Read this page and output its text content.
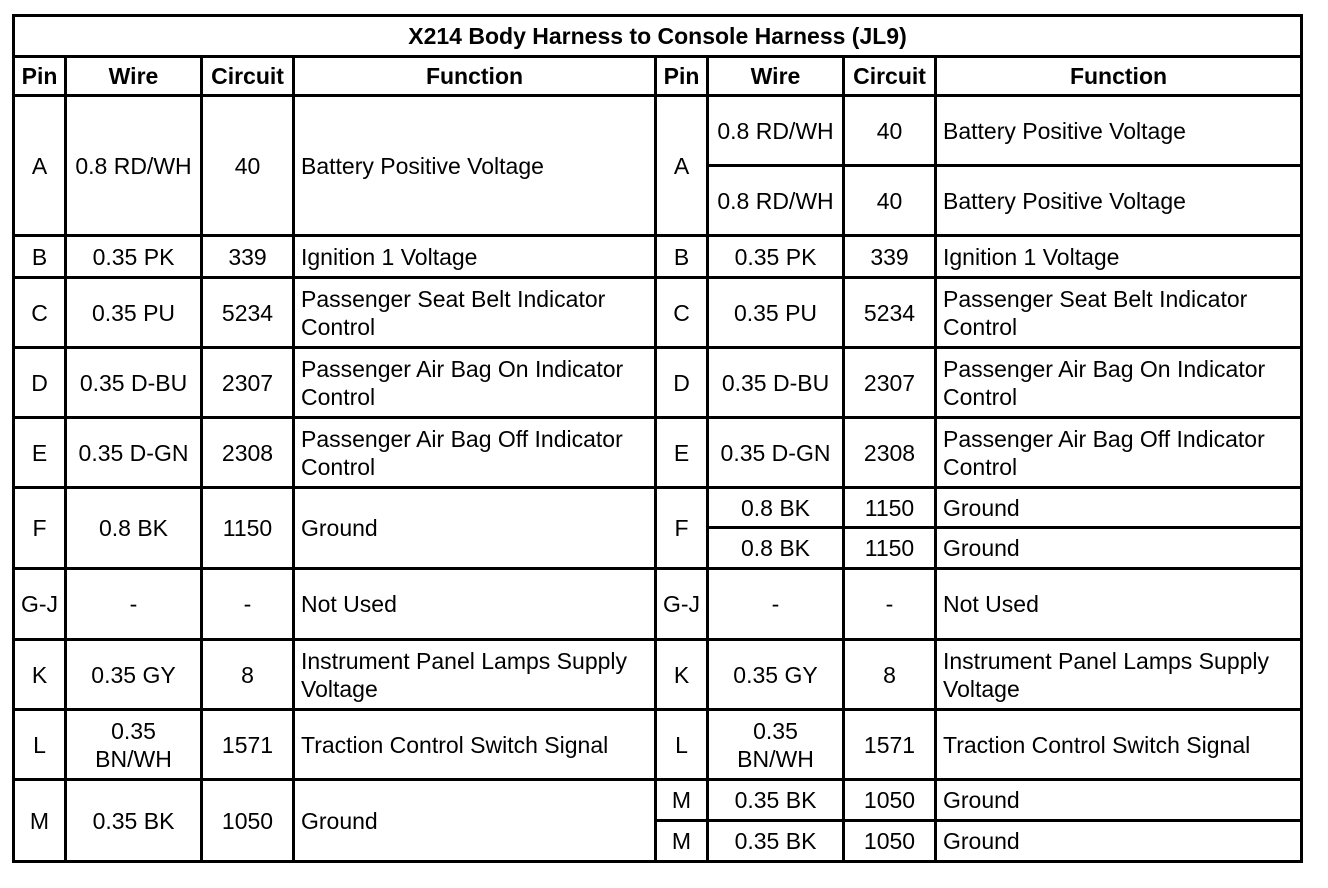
X214 Body Harness to Console Harness (JL9)							
Pin	Wire	Circuit	Function	Pin	Wire	Circuit	Function
A	0.8 RD/WH	40	Battery Positive Voltage	A	0.8 RD/WH	40	Battery Positive Voltage
					0.8 RD/WH	40	Battery Positive Voltage
B	0.35 PK	339	Ignition 1 Voltage	B	0.35 PK	339	Ignition 1 Voltage
C	0.35 PU	5234	Passenger Seat Belt Indicator Control	C	0.35 PU	5234	Passenger Seat Belt Indicator Control
D	0.35 D-BU	2307	Passenger Air Bag On Indicator Control	D	0.35 D-BU	2307	Passenger Air Bag On Indicator Control
E	0.35 D-GN	2308	Passenger Air Bag Off Indicator Control	E	0.35 D-GN	2308	Passenger Air Bag Off Indicator Control
F	0.8 BK	1150	Ground	F	0.8 BK	1150	Ground
					0.8 BK	1150	Ground
G-J	-	-	Not Used	G-J	-	-	Not Used
K	0.35 GY	8	Instrument Panel Lamps Supply Voltage	K	0.35 GY	8	Instrument Panel Lamps Supply Voltage
L	0.35 BN/WH	1571	Traction Control Switch Signal	L	0.35 BN/WH	1571	Traction Control Switch Signal
M	0.35 BK	1050	Ground	M	0.35 BK	1050	Ground
				M	0.35 BK	1050	Ground
